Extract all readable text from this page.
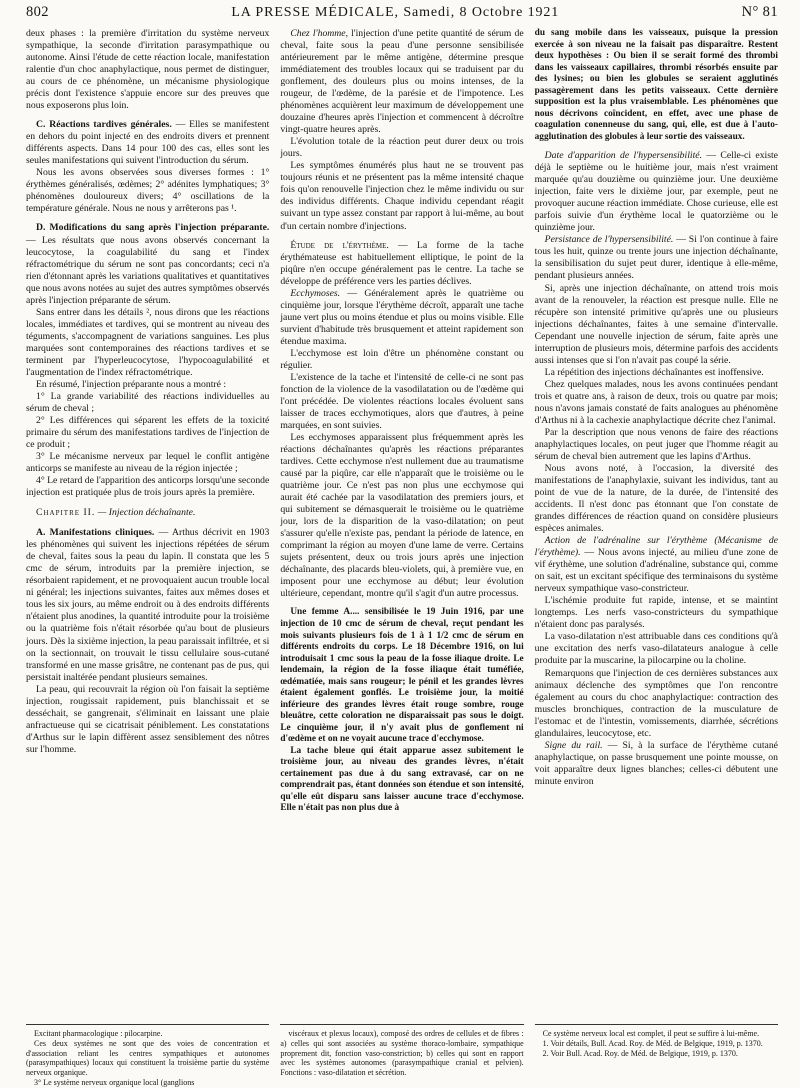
802	LA PRESSE MÉDICALE, Samedi, 8 Octobre 1921	N° 81

deux phases : la première d'irritation du système nerveux sympathique, la seconde d'irritation parasympathique ou autonome. Ainsi l'étude de cette réaction locale, manifestation ralentie d'un choc anaphylactique, nous permet de distinguer, au cours de ce phénomène, un mécanisme physiologique précis dont l'existence s'appuie encore sur des preuves que nous exposerons plus loin.

C. Réactions tardives générales. — Elles se manifestent en dehors du point injecté en des endroits divers et prennent différents aspects. Dans 14 pour 100 des cas, elles sont les seules manifestations qui suivent l'introduction du sérum.

Nous les avons observées sous diverses formes : 1° érythèmes généralisés, œdèmes; 2° adénites lymphatiques; 3° phénomènes douloureux divers; 4° oscillations de la température générale. Nous ne nous y arrêterons pas ¹.

D. Modifications du sang après l'injection préparante. — Les résultats que nous avons observés concernant la leucocytose, la coagulabilité du sang et l'index réfractométrique du sérum ne sont pas concordants; ceci n'a rien d'étonnant après les variations qualitatives et quantitatives que nous avons notées au sujet des autres symptômes observés après l'injection préparante de sérum.

Sans entrer dans les détails ², nous dirons que les réactions locales, immédiates et tardives, qui se montrent au niveau des téguments, s'accompagnent de variations sanguines. Les plus marquées sont contemporaines des réactions tardives et se terminent par l'hyperleucocytose, l'hypocoagulabilité et l'augmentation de l'index réfractométrique.

En résumé, l'injection préparante nous a montré :

1° La grande variabilité des réactions individuelles au sérum de cheval ;

2° Les différences qui séparent les effets de la toxicité primaire du sérum des manifestations tardives de l'injection de ce produit ;

3° Le mécanisme nerveux par lequel le conflit antigène anticorps se manifeste au niveau de la région injectée ;

4° Le retard de l'apparition des anticorps lorsqu'une seconde injection est pratiquée plus de trois jours après la première.

Chapitre II. — Injection déchaînante.

A. Manifestations cliniques. — Arthus décrivit en 1903 les phénomènes qui suivent les injections répétées de sérum de cheval, faites sous la peau du lapin. Il constata que les 5 cmc de sérum, introduits par la première injection, se résorbaient rapidement, et ne provoquaient aucun trouble local ni général; les injections suivantes, faites aux mêmes doses et tous les six jours, au même endroit ou à des endroits différents n'étaient plus anodines, la quantité introduite pour la troisième ou la quatrième fois n'était résorbée qu'au bout de plusieurs jours. Dès la sixième injection, la peau paraissait infiltrée, et si on la sectionnait, on trouvait le tissu cellulaire sous-cutané transformé en une masse grisâtre, ne contenant pas de pus, qui persistait inaltérée pendant plusieurs semaines.

La peau, qui recouvrait la région où l'on faisait la septième injection, rougissait rapidement, puis blanchissait et se desséchait, se gangrenait, s'éliminait en laissant une plaie anfractueuse qui se cicatrisait péniblement. Les constatations d'Arthus sur le lapin diffèrent assez sensiblement des nôtres sur l'homme.

Excitant pharmacologique : pilocarpine.

Ces deux systèmes ne sont que des voies de concentration et d'association reliant les centres sympathiques et autonomes (parasympathiques) locaux qui constituent la troisième partie du système nerveux organique.

3° Le système nerveux organique local (ganglions

Chez l'homme, l'injection d'une petite quantité de sérum de cheval, faite sous la peau d'une personne sensibilisée antérieurement par le même antigène, détermine presque immédiatement des troubles locaux qui se traduisent par du gonflement, des douleurs plus ou moins intenses, de la rougeur, de l'œdème, de la parésie et de l'impotence. Les phénomènes acquièrent leur maximum de développement une douzaine d'heures après l'injection et commencent à décroître vingt-quatre heures après.

L'évolution totale de la réaction peut durer deux ou trois jours.

Les symptômes énumérés plus haut ne se trouvent pas toujours réunis et ne présentent pas la même intensité chaque fois qu'on renouvelle l'injection chez le même individu ou sur des individus différents. Chaque individu cependant réagit suivant un type assez constant par rapport à lui-même, au bout d'un certain nombre d'injections.

Étude de l'érythème. — La forme de la tache érythémateuse est habituellement elliptique, le point de la piqûre n'en occupe généralement pas le centre. La tache se développe de préférence vers les parties déclives.

Ecchymoses. — Généralement après le quatrième ou cinquième jour, lorsque l'érythème décroît, apparaît une tache jaune vert plus ou moins étendue et plus ou moins visible. Elle survient d'habitude très brusquement et atteint rapidement son étendue maxima.

L'ecchymose est loin d'être un phénomène constant ou régulier.

L'existence de la tache et l'intensité de celle-ci ne sont pas fonction de la violence de la vasodilatation ou de l'œdème qui l'ont précédée. De violentes réactions locales évoluent sans laisser de traces ecchymotiques, alors que d'autres, à peine marquées, en sont suivies.

Les ecchymoses apparaissent plus fréquemment après les réactions déchaînantes qu'après les réactions préparantes tardives. Cette ecchymose n'est nullement due au traumatisme causé par la piqûre, car elle n'apparaît que le troisième ou le quatrième jour. Ce n'est pas non plus une ecchymose qui aurait été cachée par la vasodilatation des premiers jours, et qui subitement se démasquerait le troisième ou le quatrième jour, lors de la disparition de la vaso-dilatation; on peut s'assurer qu'elle n'existe pas, pendant la période de latence, en comprimant la région au moyen d'une lame de verre. Certains sujets présentent, deux ou trois jours après une injection déchaînante, des placards bleu-violets, qui, à première vue, en imposent pour une ecchymose au début; leur évolution ultérieure, cependant, montre qu'il s'agit d'un autre processus.

Une femme A.... sensibilisée le 19 Juin 1916, par une injection de 10 cmc de sérum de cheval, reçut pendant les mois suivants plusieurs fois de 1 à 1 1/2 cmc de sérum en différents endroits du corps. Le 18 Décembre 1916, on lui introduisait 1 cmc sous la peau de la fosse iliaque droite. Le lendemain, la région de la fosse iliaque était tuméfiée, œdématiée, mais sans rougeur; le pénil et les grandes lèvres étaient également gonflés. Le troisième jour, la moitié inférieure des grandes lèvres était rouge sombre, rouge bleuâtre, cette coloration ne disparaissait pas sous le doigt. Le cinquième jour, il n'y avait plus de gonflement ni d'œdème et on ne voyait aucune trace d'ecchymose.

La tache bleue qui était apparue assez subitement le troisième jour, au niveau des grandes lèvres, n'était certainement pas due à du sang extravasé, car on ne comprendrait pas, étant données son étendue et son intensité, qu'elle eût disparu sans laisser aucune trace d'ecchymose. Elle n'était pas non plus due à

viscéraux et plexus locaux), composé des ordres de cellules et de fibres : a) celles qui sont associées au système thoraco-lombaire, sympathique proprement dit, fonction vaso-constriction; b) celles qui sont en rapport avec les systèmes autonomes (parasympathique cranial et pelvien). Fonctions : vaso-dilatation et sécrétion.

du sang mobile dans les vaisseaux, puisque la pression exercée à son niveau ne la faisait pas disparaître. Restent deux hypothèses : Ou bien il se serait formé des thrombi dans les vaisseaux capillaires, thrombi résorbés ensuite par des lysines; ou bien les globules se seraient agglutinés passagèrement dans les petits vaisseaux. Cette dernière supposition est la plus vraisemblable. Les phénomènes que nous décrivons coïncident, en effet, avec une phase de coagulation conenneuse du sang, qui, elle, est due à l'auto-agglutination des globules à leur sortie des vaisseaux.

Date d'apparition de l'hypersensibilité. — Celle-ci existe déjà le septième ou le huitième jour, mais n'est vraiment marquée qu'au douzième ou quinzième jour. Une deuxième injection, faite vers le dixième jour, par exemple, peut ne provoquer aucune réaction immédiate. Chose curieuse, elle est parfois suivie d'un érythème local le quatorzième ou le quinzième jour.

Persistance de l'hypersensibilité. — Si l'on continue à faire tous les huit, quinze ou trente jours une injection déchaînante, la sensibilisation du sujet peut durer, identique à elle-même, pendant plusieurs années.

Si, après une injection déchaînante, on attend trois mois avant de la renouveler, la réaction est presque nulle. Elle ne récupère son intensité primitive qu'après une ou plusieurs injections déchaînantes, faites à une semaine d'intervalle. Cependant une nouvelle injection de sérum, faite après une interruption de plusieurs mois, détermine parfois des accidents aussi intenses que si l'on n'avait pas coupé la série.

La répétition des injections déchaînantes est inoffensive.

Chez quelques malades, nous les avons continuées pendant trois et quatre ans, à raison de deux, trois ou quatre par mois; nous n'avons jamais constaté de faits analogues au phénomène d'Arthus ni à la cachexie anaphylactique décrite chez l'animal.

Par la description que nous venons de faire des réactions anaphylactiques locales, on peut juger que l'homme réagit au sérum de cheval bien autrement que les lapins d'Arthus.

Nous avons noté, à l'occasion, la diversité des manifestations de l'anaphylaxie, suivant les individus, tant au point de vue de la nature, de la durée, de l'intensité des accidents. Il n'est donc pas étonnant que l'on constate de grandes différences de réaction quand on considère plusieurs espèces animales.

Action de l'adrénaline sur l'érythème (Mécanisme de l'érythème). — Nous avons injecté, au milieu d'une zone de vif érythème, une solution d'adrénaline, substance qui, comme on sait, est un excitant spécifique des terminaisons du système nerveux sympathique vaso-constricteur.

L'ischémie produite fut rapide, intense, et se maintint longtemps. Les nerfs vaso-constricteurs du sympathique n'étaient donc pas paralysés.

La vaso-dilatation n'est attribuable dans ces conditions qu'à une excitation des nerfs vaso-dilatateurs analogue à celle produite par la muscarine, la pilocarpine ou la choline.

Remarquons que l'injection de ces dernières substances aux animaux déclenche des symptômes que l'on rencontre également au cours du choc anaphylactique: contraction des muscles bronchiques, contraction de la musculature de l'estomac et de l'intestin, vomissements, diarrhée, sécrétions glandulaires, leucocytose, etc.

Signe du rail. — Si, à la surface de l'érythème cutané anaphylactique, on passe brusquement une pointe mousse, on voit apparaître deux lignes blanches; celles-ci débutent une minute environ

Ce système nerveux local est complet, il peut se suffire à lui-même.

1. Voir détails, Bull. Acad. Roy. de Méd. de Belgique, 1919, p. 1370.

2. Voir Bull. Acad. Roy. de Méd. de Belgique, 1919, p. 1370.
